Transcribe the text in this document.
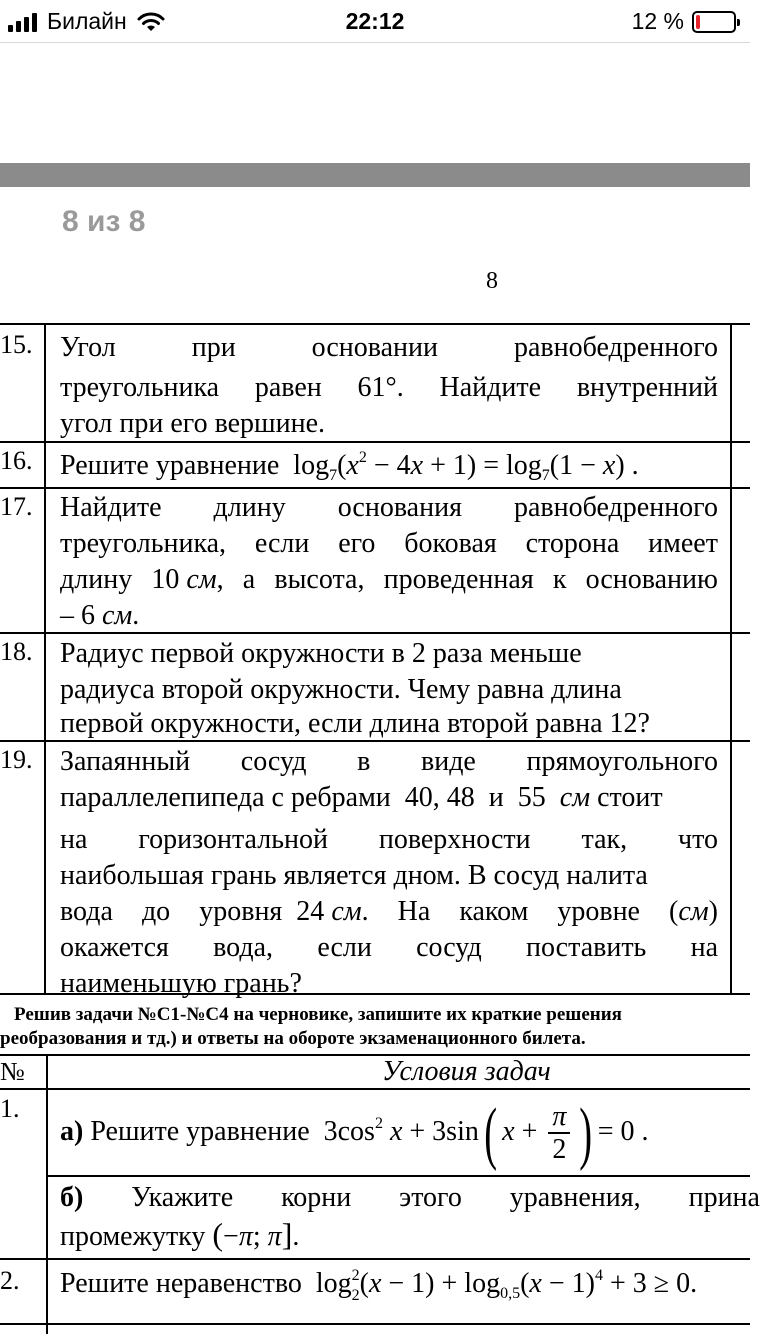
Билайн	22:12	12 %
8 из 8
8
15. Угол	при	основании	равнобедренного
треугольника равен 61°. Найдите внутренний
угол при его вершине.
16. Решите уравнение  $\log_7(x^2 - 4x + 1) = \log_7(1 - x)$ .
17. Найдите длину основания равнобедренного
треугольника, если его боковая сторона имеет
длину 10 см, а высота, проведенная к основанию
– 6 см.
18. Радиус первой окружности в 2 раза меньше
радиуса второй окружности. Чему равна длина
первой окружности, если длина второй равна 12?
19. Запаянный сосуд в виде прямоугольного
параллелепипеда с ребрами  40, 48  и  55  см стоит
на горизонтальной поверхности так, что
наибольшая грань является дном. В сосуд налита
вода до уровня  24 см. На каком уровне (см)
окажется вода, если сосуд поставить на
наименьшую грань?
Решив задачи №С1-№С4 на черновике, запишите их краткие решения
реобразования и тд.) и ответы на обороте экзаменационного билета.
№	Условия задач
1.
а) Решите уравнение  $3\cos^2$ x + 3sin( $x + \frac{\pi}{2}$ ) = 0 .
б) Укажите корни этого уравнения, прина
промежутку (−π; π].
2. Решите неравенство  $\log_2^2(x - 1) + \log_{0,5}(x - 1)^4 + 3 \ge 0$.
